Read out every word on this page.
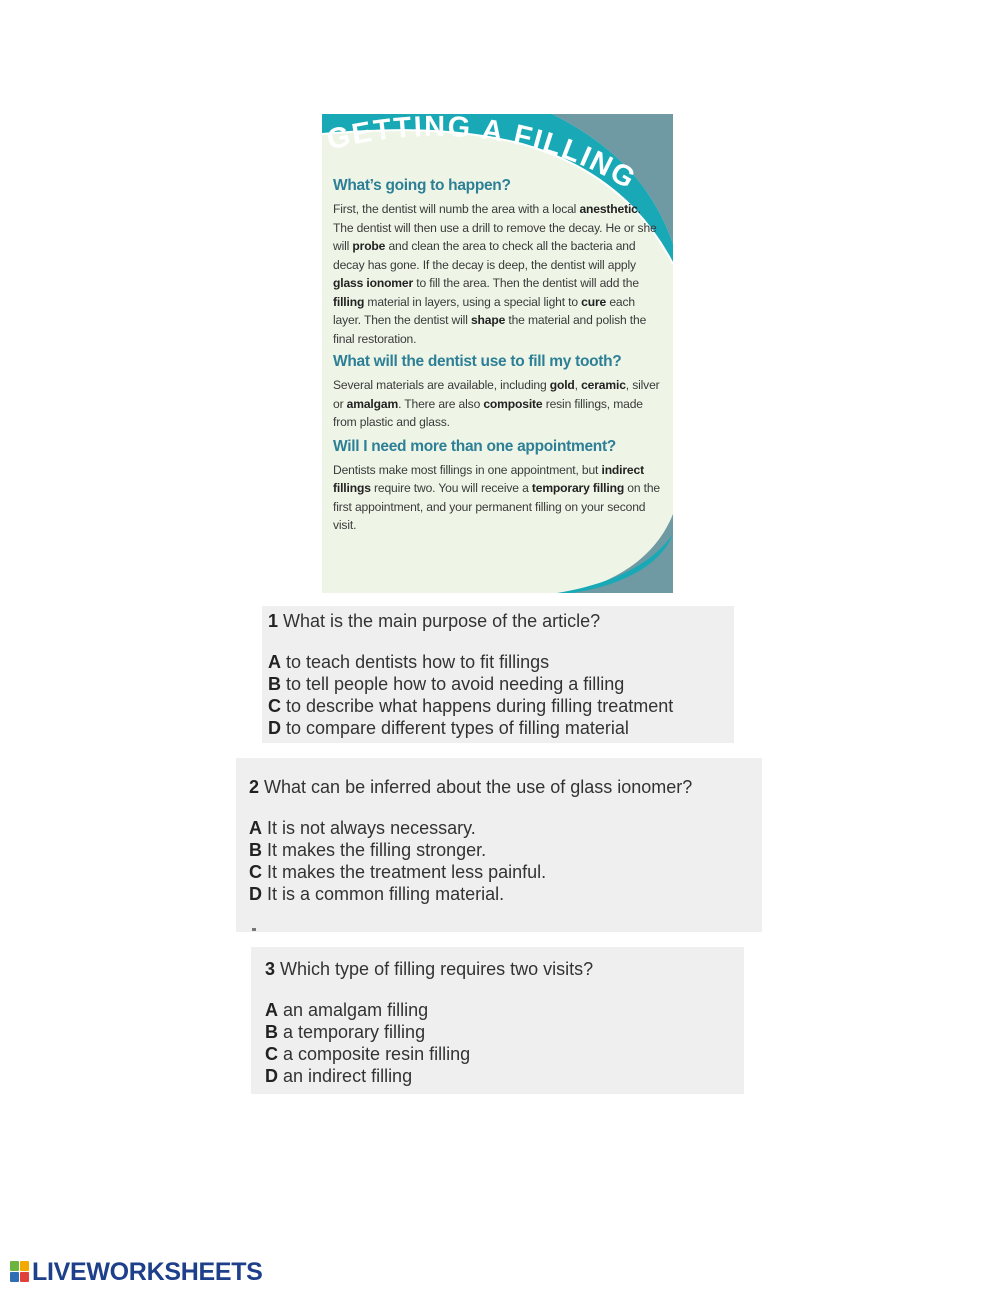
GETTING A FILLING
What’s going to happen?

First, the dentist will numb the area with a local anesthetic. The dentist will then use a drill to remove the decay. He or she will probe and clean the area to check all the bacteria and decay has gone. If the decay is deep, the dentist will apply glass ionomer to fill the area. Then the dentist will add the filling material in layers, using a special light to cure each layer. Then the dentist will shape the material and polish the final restoration.

What will the dentist use to fill my tooth?

Several materials are available, including gold, ceramic, silver or amalgam. There are also composite resin fillings, made from plastic and glass.

Will I need more than one appointment?

Dentists make most fillings in one appointment, but indirect fillings require two. You will receive a temporary filling on the first appointment, and your permanent filling on your second visit.

1 What is the main purpose of the article?

A to teach dentists how to fit fillings
B to tell people how to avoid needing a filling
C to describe what happens during filling treatment
D to compare different types of filling material

2 What can be inferred about the use of glass ionomer?

A It is not always necessary.
B It makes the filling stronger.
C It makes the treatment less painful.
D It is a common filling material.

3 Which type of filling requires two visits?

A an amalgam filling
B a temporary filling
C a composite resin filling
D an indirect filling
LIVEWORKSHEETS
